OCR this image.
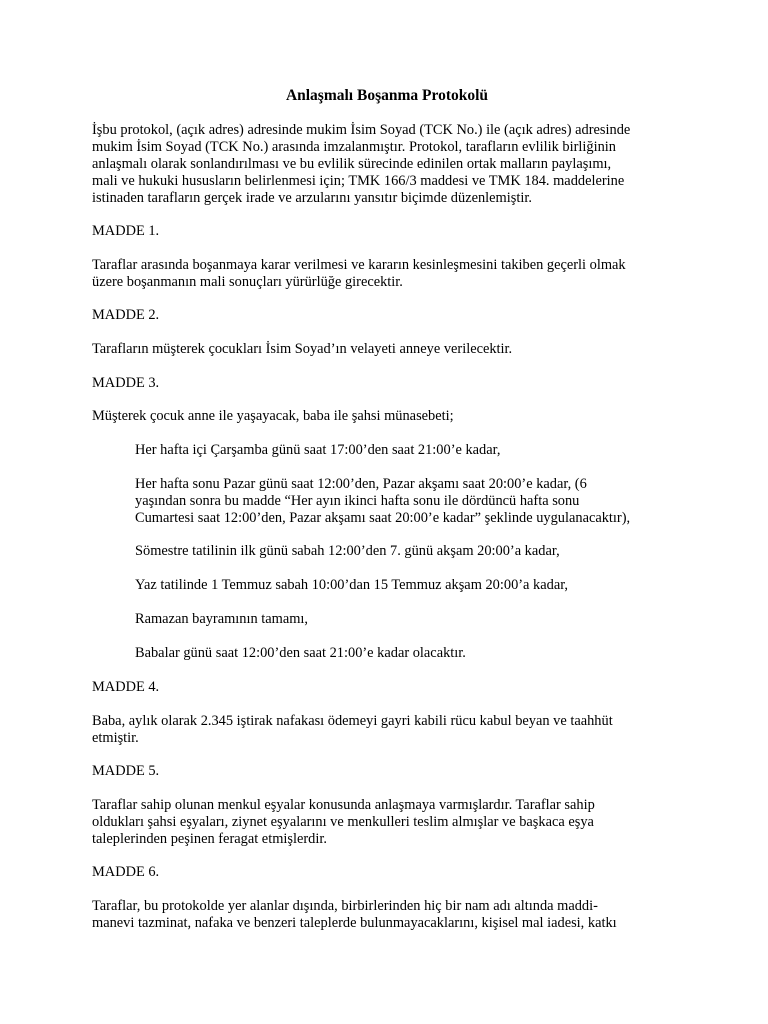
Anlaşmalı Boşanma Protokolü
İşbu protokol, (açık adres) adresinde mukim İsim Soyad (TCK No.) ile (açık adres) adresinde
mukim İsim Soyad (TCK No.) arasında imzalanmıştır. Protokol, tarafların evlilik birliğinin
anlaşmalı olarak sonlandırılması ve bu evlilik sürecinde edinilen ortak malların paylaşımı,
mali ve hukuki hususların belirlenmesi için; TMK 166/3 maddesi ve TMK 184. maddelerine
istinaden tarafların gerçek irade ve arzularını yansıtır biçimde düzenlemiştir.
MADDE 1.
Taraflar arasında boşanmaya karar verilmesi ve kararın kesinleşmesini takiben geçerli olmak
üzere boşanmanın mali sonuçları yürürlüğe girecektir.
MADDE 2.
Tarafların müşterek çocukları İsim Soyad’ın velayeti anneye verilecektir.
MADDE 3.
Müşterek çocuk anne ile yaşayacak, baba ile şahsi münasebeti;
Her hafta içi Çarşamba günü saat 17:00’den saat 21:00’e kadar,
Her hafta sonu Pazar günü saat 12:00’den, Pazar akşamı saat 20:00’e kadar, (6
yaşından sonra bu madde “Her ayın ikinci hafta sonu ile dördüncü hafta sonu
Cumartesi saat 12:00’den, Pazar akşamı saat 20:00’e kadar” şeklinde uygulanacaktır),
Sömestre tatilinin ilk günü sabah 12:00’den 7. günü akşam 20:00’a kadar,
Yaz tatilinde 1 Temmuz sabah 10:00’dan 15 Temmuz akşam 20:00’a kadar,
Ramazan bayramının tamamı,
Babalar günü saat 12:00’den saat 21:00’e kadar olacaktır.
MADDE 4.
Baba, aylık olarak 2.345 iştirak nafakası ödemeyi gayri kabili rücu kabul beyan ve taahhüt
etmiştir.
MADDE 5.
Taraflar sahip olunan menkul eşyalar konusunda anlaşmaya varmışlardır. Taraflar sahip
oldukları şahsi eşyaları, ziynet eşyalarını ve menkulleri teslim almışlar ve başkaca eşya
taleplerinden peşinen feragat etmişlerdir.
MADDE 6.
Taraflar, bu protokolde yer alanlar dışında, birbirlerinden hiç bir nam adı altında maddi-
manevi tazminat, nafaka ve benzeri taleplerde bulunmayacaklarını, kişisel mal iadesi, katkı
